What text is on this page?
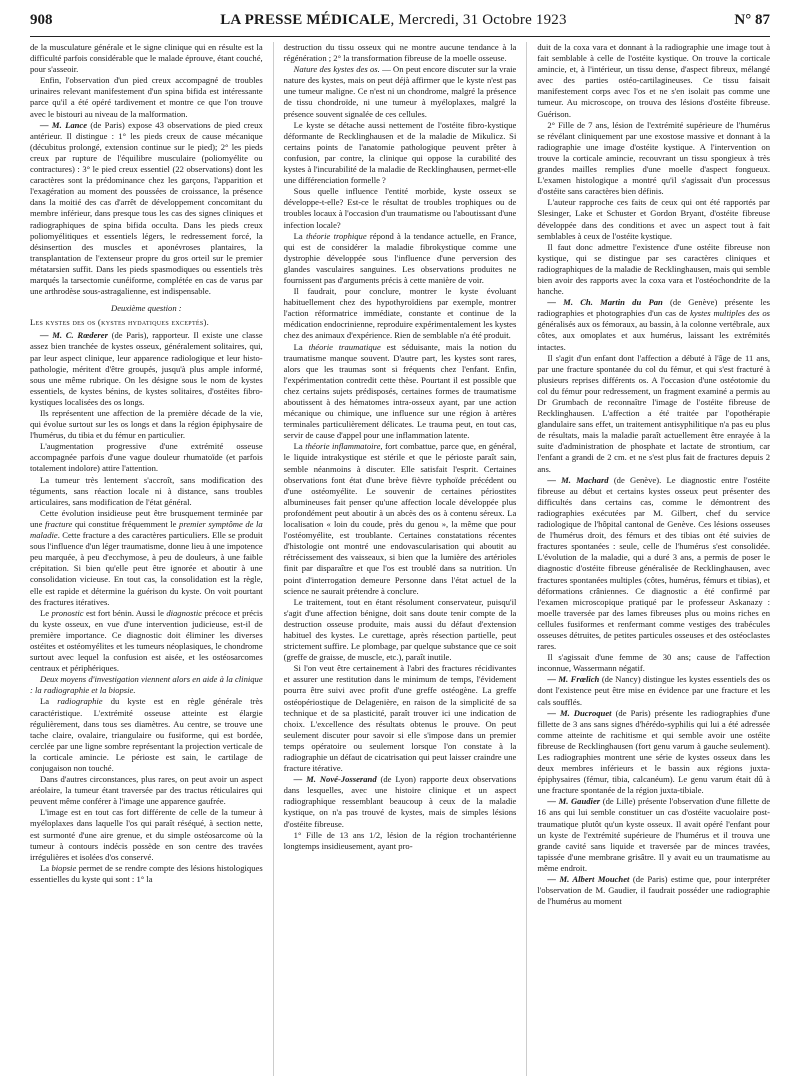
908	LA PRESSE MÉDICALE, Mercredi, 31 Octobre 1923	N° 87

de la musculature générale et le signe clinique qui en résulte est la difficulté parfois considérable que le malade éprouve, étant couché, pour s'asseoir.

Enfin, l'observation d'un pied creux accompagné de troubles urinaires relevant manifestement d'un spina bifida est intéressante parce qu'il a été opéré tardivement et montre ce que l'on trouve avec le bistouri au niveau de la malformation.

— M. Lance (de Paris) expose 43 observations de pied creux antérieur. Il distingue : 1° les pieds creux de cause mécanique (décubitus prolongé, extension continue sur le pied); 2° les pieds creux par rupture de l'équilibre musculaire (poliomyélite ou contractures) : 3° le pied creux essentiel (22 observations) dont les caractères sont la prédominance chez les garçons, l'apparition et l'exagération au moment des poussées de croissance, la présence dans la moitié des cas d'arrêt de développement concomitant du membre inférieur, dans presque tous les cas des signes cliniques et radiographiques de spina bifida occulta. Dans les pieds creux poliomyélitiques et essentiels légers, le redressement forcé, la désinsertion des muscles et aponévroses plantaires, la transplantation de l'extenseur propre du gros orteil sur le premier métatarsien suffit. Dans les pieds spasmodiques ou essentiels très marqués la tarsectomie cunéiforme, complétée en cas de varus par une arthrodèse sous-astragalienne, est indispensable.

Deuxième question :

Les kystes des os (kystes hydatiques exceptés).

— M. C. Rœderer (de Paris), rapporteur. Il existe une classe assez bien tranchée de kystes osseux, généralement solitaires, qui, par leur aspect clinique, leur apparence radiologique et leur histo-pathologie, méritent d'être groupés, jusqu'à plus ample informé, sous une même rubrique. On les désigne sous le nom de kystes essentiels, de kystes bénins, de kystes solitaires, d'ostéites fibro-kystiques localisées des os longs.

Ils représentent une affection de la première décade de la vie, qui évolue surtout sur les os longs et dans la région épiphysaire de l'humérus, du tibia et du fémur en particulier.

L'augmentation progressive d'une extrémité osseuse accompagnée parfois d'une vague douleur rhumatoïde (et parfois totalement indolore) attire l'attention.

La tumeur très lentement s'accroît, sans modification des téguments, sans réaction locale ni à distance, sans troubles articulaires, sans modification de l'état général.

Cette évolution insidieuse peut être brusquement terminée par une fracture qui constitue fréquemment le premier symptôme de la maladie. Cette fracture a des caractères particuliers. Elle se produit sous l'influence d'un léger traumatisme, donne lieu à une impotence peu marquée, à peu d'ecchymose, à peu de douleurs, à une faible crépitation. Si bien qu'elle peut être ignorée et aboutir à une consolidation vicieuse. En tout cas, la consolidation est la règle, elle est rapide et détermine la guérison du kyste. On voit pourtant des fractures itératives.

Le pronostic est fort bénin. Aussi le diagnostic précoce et précis du kyste osseux, en vue d'une intervention judicieuse, est-il de première importance. Ce diagnostic doit éliminer les diverses ostéites et ostéomyélites et les tumeurs néoplasiques, le chondrome surtout avec lequel la confusion est aisée, et les ostéosarcomes centraux et périphériques.

Deux moyens d'investigation viennent alors en aide à la clinique : la radiographie et la biopsie.

La radiographie du kyste est en règle générale très caractéristique. L'extrémité osseuse atteinte est élargie régulièrement, dans tous ses diamètres. Au centre, se trouve une tache claire, ovalaire, triangulaire ou fusiforme, qui est bordée, cerclée par une ligne sombre représentant la projection verticale de la corticale amincie. Le périoste est sain, le cartilage de conjugaison non touché.

Dans d'autres circonstances, plus rares, on peut avoir un aspect aréolaire, la tumeur étant traversée par des tractus réticulaires qui peuvent même conférer à l'image une apparence gaufrée.

L'image est en tout cas fort différente de celle de la tumeur à myéloplaxes dans laquelle l'os qui paraît réséqué, à section nette, est surmonté d'une aire grenue, et du simple ostéosarcome où la tumeur à contours indécis possède en son centre des travées irrégulières et isolées d'os conservé.

La biopsie permet de se rendre compte des lésions histologiques essentielles du kyste qui sont : 1° la

destruction du tissu osseux qui ne montre aucune tendance à la régénération ; 2° la transformation fibreuse de la moelle osseuse.

Nature des kystes des os. — On peut encore discuter sur la vraie nature des kystes, mais on peut déjà affirmer que le kyste n'est pas une tumeur maligne. Ce n'est ni un chondrome, malgré la présence de tissu chondroïde, ni une tumeur à myéloplaxes, malgré la présence souvent signalée de ces cellules.

Le kyste se détache aussi nettement de l'ostéite fibro-kystique déformante de Recklinghausen et de la maladie de Mikulicz. Si certains points de l'anatomie pathologique peuvent prêter à confusion, par contre, la clinique qui oppose la curabilité des kystes à l'incurabilité de la maladie de Recklinghausen, permet-elle une différenciation formelle ?

Sous quelle influence l'entité morbide, kyste osseux se développe-t-elle? Est-ce le résultat de troubles trophiques ou de troubles locaux à l'occasion d'un traumatisme ou l'aboutissant d'une infection locale?

La théorie trophique répond à la tendance actuelle, en France, qui est de considérer la maladie fibrokystique comme une dystrophie développée sous l'influence d'une perversion des glandes vasculaires sanguines. Les observations produites ne fournissent pas d'arguments précis à cette manière de voir.

Il faudrait, pour conclure, montrer le kyste évoluant habituellement chez des hypothyroïdiens par exemple, montrer l'action réformatrice immédiate, constante et continue de la médication endocrinienne, reproduire expérimentalement les kystes chez des animaux d'expérience. Rien de semblable n'a été produit.

La théorie traumatique est séduisante, mais la notion du traumatisme manque souvent. D'autre part, les kystes sont rares, alors que les traumas sont si fréquents chez l'enfant. Enfin, l'expérimentation contredit cette thèse. Pourtant il est possible que chez certains sujets prédisposés, certaines formes de traumatisme aboutissent à des hématomes intra-osseux ayant, par une action mécanique ou chimique, une influence sur une région à artères terminales particulièrement délicates. Le trauma peut, en tout cas, servir de cause d'appel pour une inflammation latente.

La théorie inflammatoire, fort combattue, parce que, en général, le liquide intrakystique est stérile et que le périoste paraît sain, semble néanmoins à discuter. Elle satisfait l'esprit. Certaines observations font état d'une brève fièvre typhoïde précédent ou d'une ostéomyélite. Le souvenir de certaines périostites albumineuses fait penser qu'une affection locale développée plus profondément peut aboutir à un abcès des os à contenu séreux. La localisation « loin du coude, près du genou », la même que pour l'ostéomyélite, est troublante. Certaines constatations récentes d'histologie ont montré une endovascularisation qui aboutit au rétrécissement des vaisseaux, si bien que la lumière des artérioles finit par disparaître et que l'os est troublé dans sa nutrition. Un point d'interrogation demeure Personne dans l'état actuel de la science ne saurait prétendre à conclure.

Le traitement, tout en étant résolument conservateur, puisqu'il s'agit d'une affection bénigne, doit sans doute tenir compte de la destruction osseuse produite, mais aussi du défaut d'extension habituel des kystes. Le curettage, après résection partielle, peut strictement suffire. Le plombage, par quelque substance que ce soit (greffe de graisse, de muscle, etc.), paraît inutile.

Si l'on veut être certainement à l'abri des fractures récidivantes et assurer une restitution dans le minimum de temps, l'évidement pourra être suivi avec profit d'une greffe ostéogène. La greffe ostéopériostique de Delagenière, en raison de la simplicité de sa technique et de sa plasticité, paraît trouver ici une indication de choix. L'excellence des résultats obtenus le prouve. On peut seulement discuter pour savoir si elle s'impose dans un premier temps opératoire ou seulement lorsque l'on constate à la radiographie un défaut de cicatrisation qui peut laisser craindre une fracture itérative.

— M. Nové-Josserand (de Lyon) rapporte deux observations dans lesquelles, avec une histoire clinique et un aspect radiographique ressemblant beaucoup à ceux de la maladie kystique, on n'a pas trouvé de kystes, mais de simples lésions d'ostéite fibreuse.

1° Fille de 13 ans 1/2, lésion de la région trochantérienne longtemps insidieusement, ayant pro-

duit de la coxa vara et donnant à la radiographie une image tout à fait semblable à celle de l'ostéite kystique. On trouve la corticale amincie, et, à l'intérieur, un tissu dense, d'aspect fibreux, mélangé avec des parties ostéo-cartilagineuses. Ce tissu faisait manifestement corps avec l'os et ne s'en isolait pas comme une tumeur. Au microscope, on trouva des lésions d'ostéite fibreuse. Guérison.

2° Fille de 7 ans, lésion de l'extrémité supérieure de l'humérus se révélant cliniquement par une exostose massive et donnant à la radiographie une image d'ostéite kystique. A l'intervention on trouve la corticale amincie, recouvrant un tissu spongieux à très grandes mailles remplies d'une moelle d'aspect fongueux. L'examen histologique a montré qu'il s'agissait d'un processus d'ostéite sans caractères bien définis.

L'auteur rapproche ces faits de ceux qui ont été rapportés par Slesinger, Lake et Schuster et Gordon Bryant, d'ostéite fibreuse développée dans des conditions et avec un aspect tout à fait semblables à ceux de l'ostéite kystique.

Il faut donc admettre l'existence d'une ostéite fibreuse non kystique, qui se distingue par ses caractères cliniques et radiographiques de la maladie de Recklinghausen, mais qui semble bien avoir des rapports avec la coxa vara et l'ostéochondrite de la hanche.

— M. Ch. Martin du Pan (de Genève) présente les radiographies et photographies d'un cas de kystes multiples des os généralisés aux os fémoraux, au bassin, à la colonne vertébrale, aux côtes, aux omoplates et aux humérus, laissant les extrémités intactes.

Il s'agit d'un enfant dont l'affection a débuté à l'âge de 11 ans, par une fracture spontanée du col du fémur, et qui s'est fracturé à plusieurs reprises différents os. A l'occasion d'une ostéotomie du col du fémur pour redressement, un fragment examiné a permis au Dr Grumbach de reconnaître l'image de l'ostéite fibreuse de Recklinghausen. L'affection a été traitée par l'opothérapie glandulaire sans effet, un traitement antisyphilitique n'a pas eu plus de résultats, mais la maladie paraît actuellement être enrayée à la suite d'administration de phosphate et lactate de strontium, car l'enfant a grandi de 2 cm. et ne s'est plus fait de fractures depuis 2 ans.

— M. Machard (de Genève). Le diagnostic entre l'ostéite fibreuse au début et certains kystes osseux peut présenter des difficultés dans certains cas, comme le démontrent des radiographies exécutées par M. Gilbert, chef du service radiologique de l'hôpital cantonal de Genève. Ces lésions osseuses de l'humérus droit, des fémurs et des tibias ont été suivies de fractures spontanées : seule, celle de l'humérus s'est consolidée. L'évolution de la maladie, qui a duré 3 ans, a permis de poser le diagnostic d'ostéite fibreuse généralisée de Recklinghausen, avec fractures spontanées multiples (côtes, humérus, fémurs et tibias), et déformations crâniennes. Ce diagnostic a été confirmé par l'examen microscopique pratiqué par le professeur Askanazy : moelle traversée par des lames fibreuses plus ou moins riches en cellules fusiformes et renfermant comme vestiges des trabécules osseuses détruites, de petites particules osseuses et des ostéoclastes rares.

Il s'agissait d'une femme de 30 ans; cause de l'affection inconnue, Wassermann négatif.

— M. Frœlich (de Nancy) distingue les kystes essentiels des os dont l'existence peut être mise en évidence par une fracture et les cals soufflés.

— M. Ducroquet (de Paris) présente les radiographies d'une fillette de 3 ans sans signes d'hérédo-syphilis qui lui a été adressée comme atteinte de rachitisme et qui semble avoir une ostéite fibreuse de Recklinghausen (fort genu varum à gauche seulement). Les radiographies montrent une série de kystes osseux dans les deux membres inférieurs et le bassin aux régions juxta-épiphysaires (fémur, tibia, calcanéum). Le genu varum était dû à une fracture spontanée de la région juxta-tibiale.

— M. Gaudier (de Lille) présente l'observation d'une fillette de 16 ans qui lui semble constituer un cas d'ostéite vacuolaire post-traumatique plutôt qu'un kyste osseux. Il avait opéré l'enfant pour un kyste de l'extrémité supérieure de l'humérus et il trouva une grande cavité sans liquide et traversée par de minces travées, tapissée d'une membrane grisâtre. Il y avait eu un traumatisme au même endroit.

— M. Albert Mouchet (de Paris) estime que, pour interpréter l'observation de M. Gaudier, il faudrait posséder une radiographie de l'humérus au moment
